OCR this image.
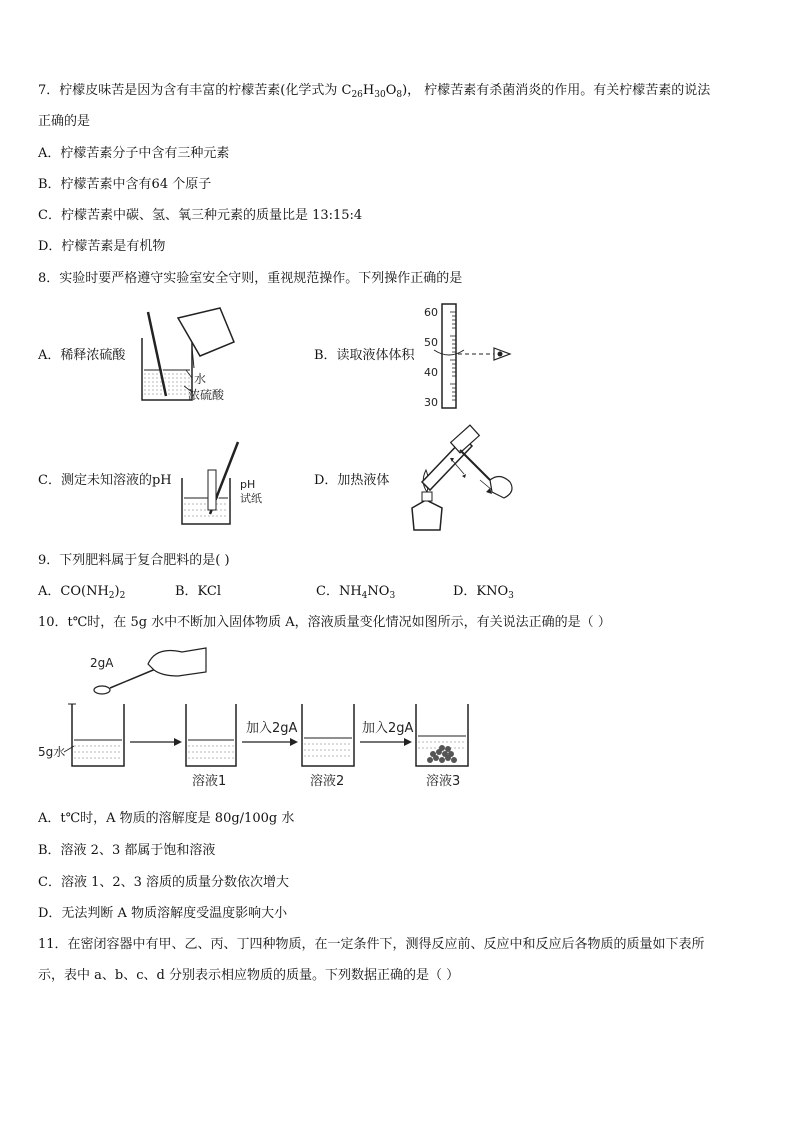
7．柠檬皮味苦是因为含有丰富的柠檬苦素(化学式为 $C_{26}H_{30}O_8$)， 柠檬苦素有杀菌消炎的作用。有关柠檬苦素的说法
正确的是
A．柠檬苦素分子中含有三种元素
B．柠檬苦素中含有64 个原子
C．柠檬苦素中碳、氢、氧三种元素的质量比是 13:15:4
D．柠檬苦素是有机物
8．实验时要严格遵守实验室安全守则，重视规范操作。下列操作正确的是
A．稀释浓硫酸	B．读取液体体积
C．测定未知溶液的pH	D．加热液体
水
浓硫酸
60
50
40
30
pH
试纸
9．下列肥料属于复合肥料的是( )
A．$CO(NH_2)_2$	B．KCl	C．$NH_4NO_3$	D．$KNO_3$
10．t℃时，在 5g 水中不断加入固体物质 A，溶液质量变化情况如图所示，有关说法正确的是（ ）
2gA
5g水
溶液1
加入2gA
溶液2
加入2gA
溶液3
A．t℃时，A 物质的溶解度是 80g/100g 水
B．溶液 2、3 都属于饱和溶液
C．溶液 1、2、3 溶质的质量分数依次增大
D．无法判断 A 物质溶解度受温度影响大小
11．在密闭容器中有甲、乙、丙、丁四种物质，在一定条件下，测得反应前、反应中和反应后各物质的质量如下表所
示，表中 a、b、c、d 分别表示相应物质的质量。下列数据正确的是（ ）
